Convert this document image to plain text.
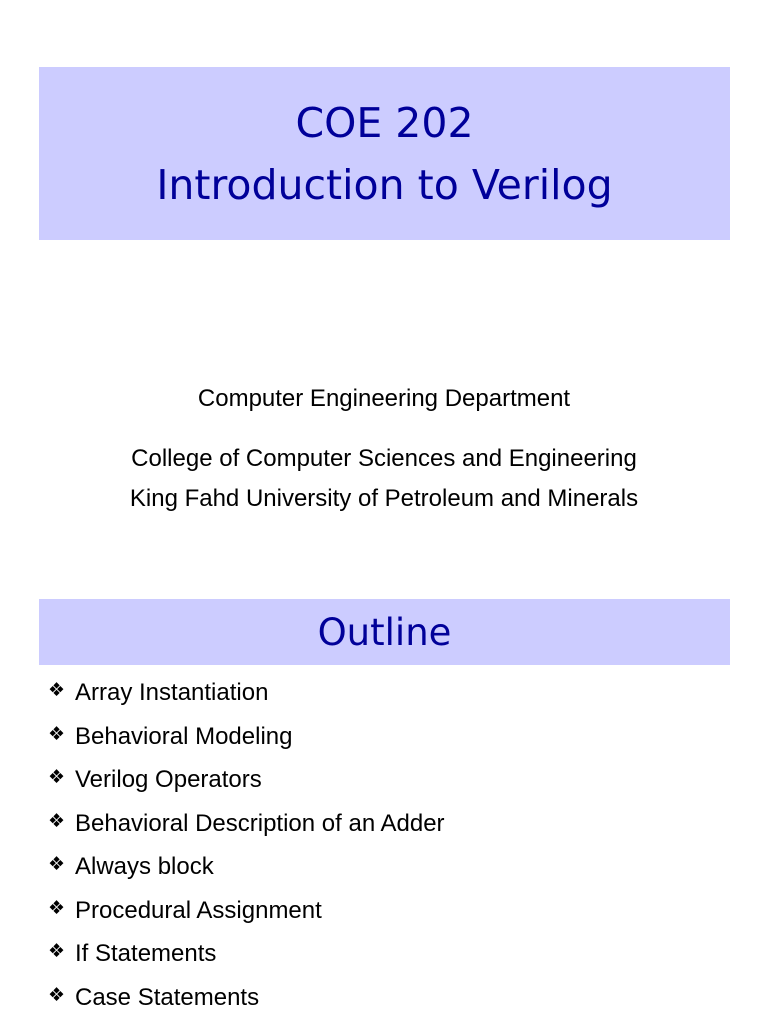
COE 202
Introduction to Verilog
Computer Engineering Department
College of Computer Sciences and Engineering
King Fahd University of Petroleum and Minerals
Outline
❖ Array Instantiation
❖ Behavioral Modeling
❖ Verilog Operators
❖ Behavioral Description of an Adder
❖ Always block
❖ Procedural Assignment
❖ If Statements
❖ Case Statements
